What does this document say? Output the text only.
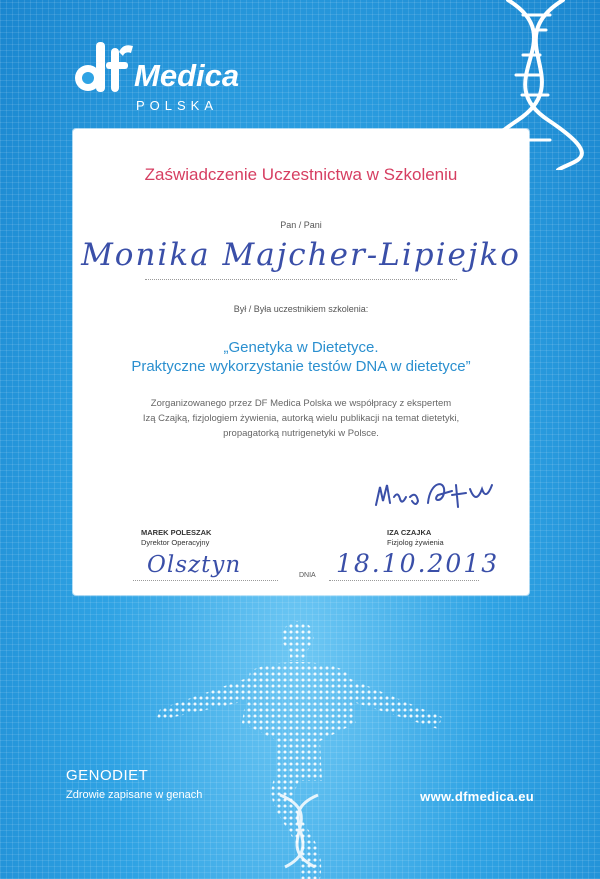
Medica
POLSKA
Zaświadczenie Uczestnictwa w Szkoleniu
Pan / Pani
Monika Majcher-Lipiejko
Był / Była uczestnikiem szkolenia:
„Genetyka w Dietetyce.
Praktyczne wykorzystanie testów DNA w dietetyce”
Zorganizowanego przez DF Medica Polska we współpracy z ekspertem
Izą Czajką, fizjologiem żywienia, autorką wielu publikacji na temat dietetyki,
propagatorką nutrigenetyki w Polsce.
MAREK POLESZAK
Dyrektor Operacyjny
IZA CZAJKA
Fizjolog żywienia
Olsztyn	DNIA 18.10.2013
GENODIET
Zdrowie zapisane w genach	www.dfmedica.eu
